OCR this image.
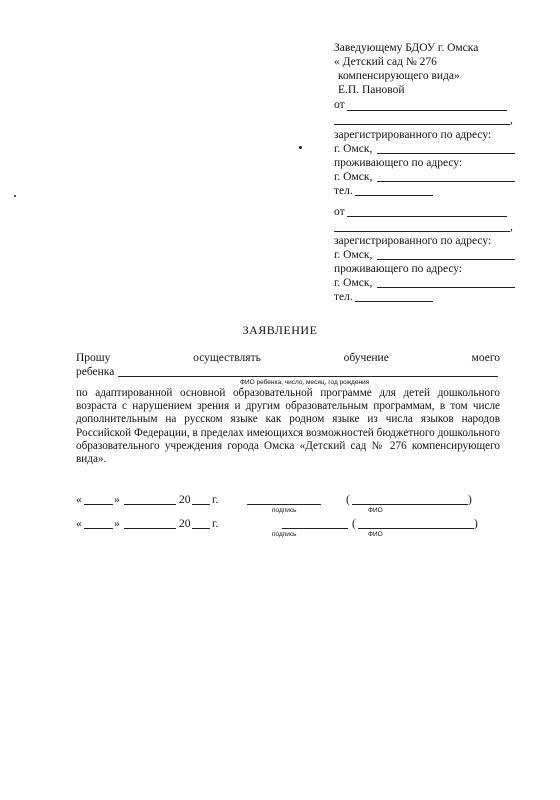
Заведующему БДОУ г. Омска
« Детский сад № 276
компенсирующего вида»
Е.П. Пановой
от
,
зарегистрированного по адресу:
г. Омск,
проживающего по адресу:
г. Омск,
тел.
от
,
зарегистрированного по адресу:
г. Омск,
проживающего по адресу:
г. Омск,
тел.
ЗАЯВЛЕНИЕ
Прошу	осуществлять	обучение	моего
ребенка
ФИО ребенка, число, месяц, год рождения
по адаптированной основной образовательной программе для детей дошкольного возраста с нарушением зрения и другим образовательным программам, в том числе дополнительным на русском языке как родном языке из числа языков народов Российской Федерации, в пределах имеющихся возможностей бюджетного дошкольного образовательного учреждения города Омска «Детский сад № 276 компенсирующего вида».
«	»	20 г.
подпись
(	)
ФИО
«	»	20 г.
подпись
(	)
ФИО
